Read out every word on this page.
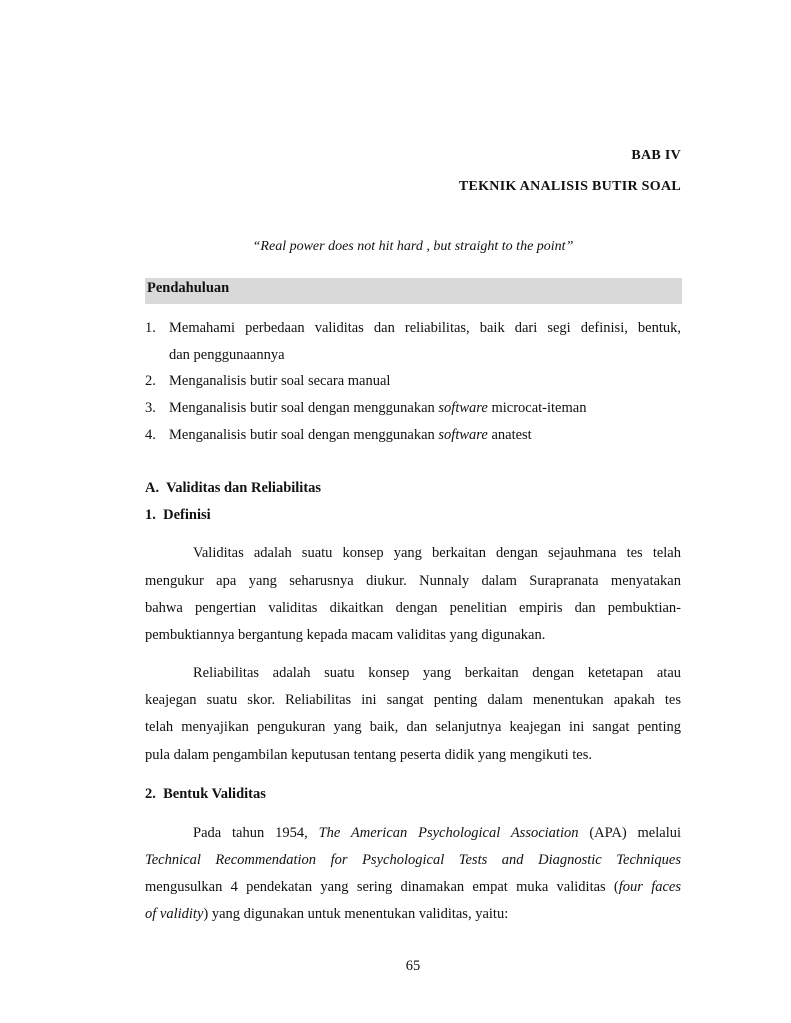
BAB IV
TEKNIK ANALISIS BUTIR SOAL
“Real power does not hit hard , but straight to the point”
Pendahuluan
1. Memahami perbedaan validitas dan reliabilitas, baik dari segi definisi, bentuk,
dan penggunaannya
2. Menganalisis butir soal secara manual
3. Menganalisis butir soal dengan menggunakan software microcat-iteman
4. Menganalisis butir soal dengan menggunakan software anatest
A.  Validitas dan Reliabilitas
1.  Definisi
Validitas adalah suatu konsep yang berkaitan dengan sejauhmana tes telah
mengukur apa yang seharusnya diukur. Nunnaly dalam Surapranata menyatakan
bahwa pengertian validitas dikaitkan dengan penelitian empiris dan pembuktian-
pembuktiannya bergantung kepada macam validitas yang digunakan.
Reliabilitas adalah suatu konsep yang berkaitan dengan ketetapan atau
keajegan suatu skor. Reliabilitas ini sangat penting dalam menentukan apakah tes
telah menyajikan pengukuran yang baik, dan selanjutnya keajegan ini sangat penting
pula dalam pengambilan keputusan tentang peserta didik yang mengikuti tes.
2.  Bentuk Validitas
Pada tahun 1954, The American Psychological Association (APA) melalui
Technical Recommendation for Psychological Tests and Diagnostic Techniques
mengusulkan 4 pendekatan yang sering dinamakan empat muka validitas (four faces
of validity) yang digunakan untuk menentukan validitas, yaitu:
65
